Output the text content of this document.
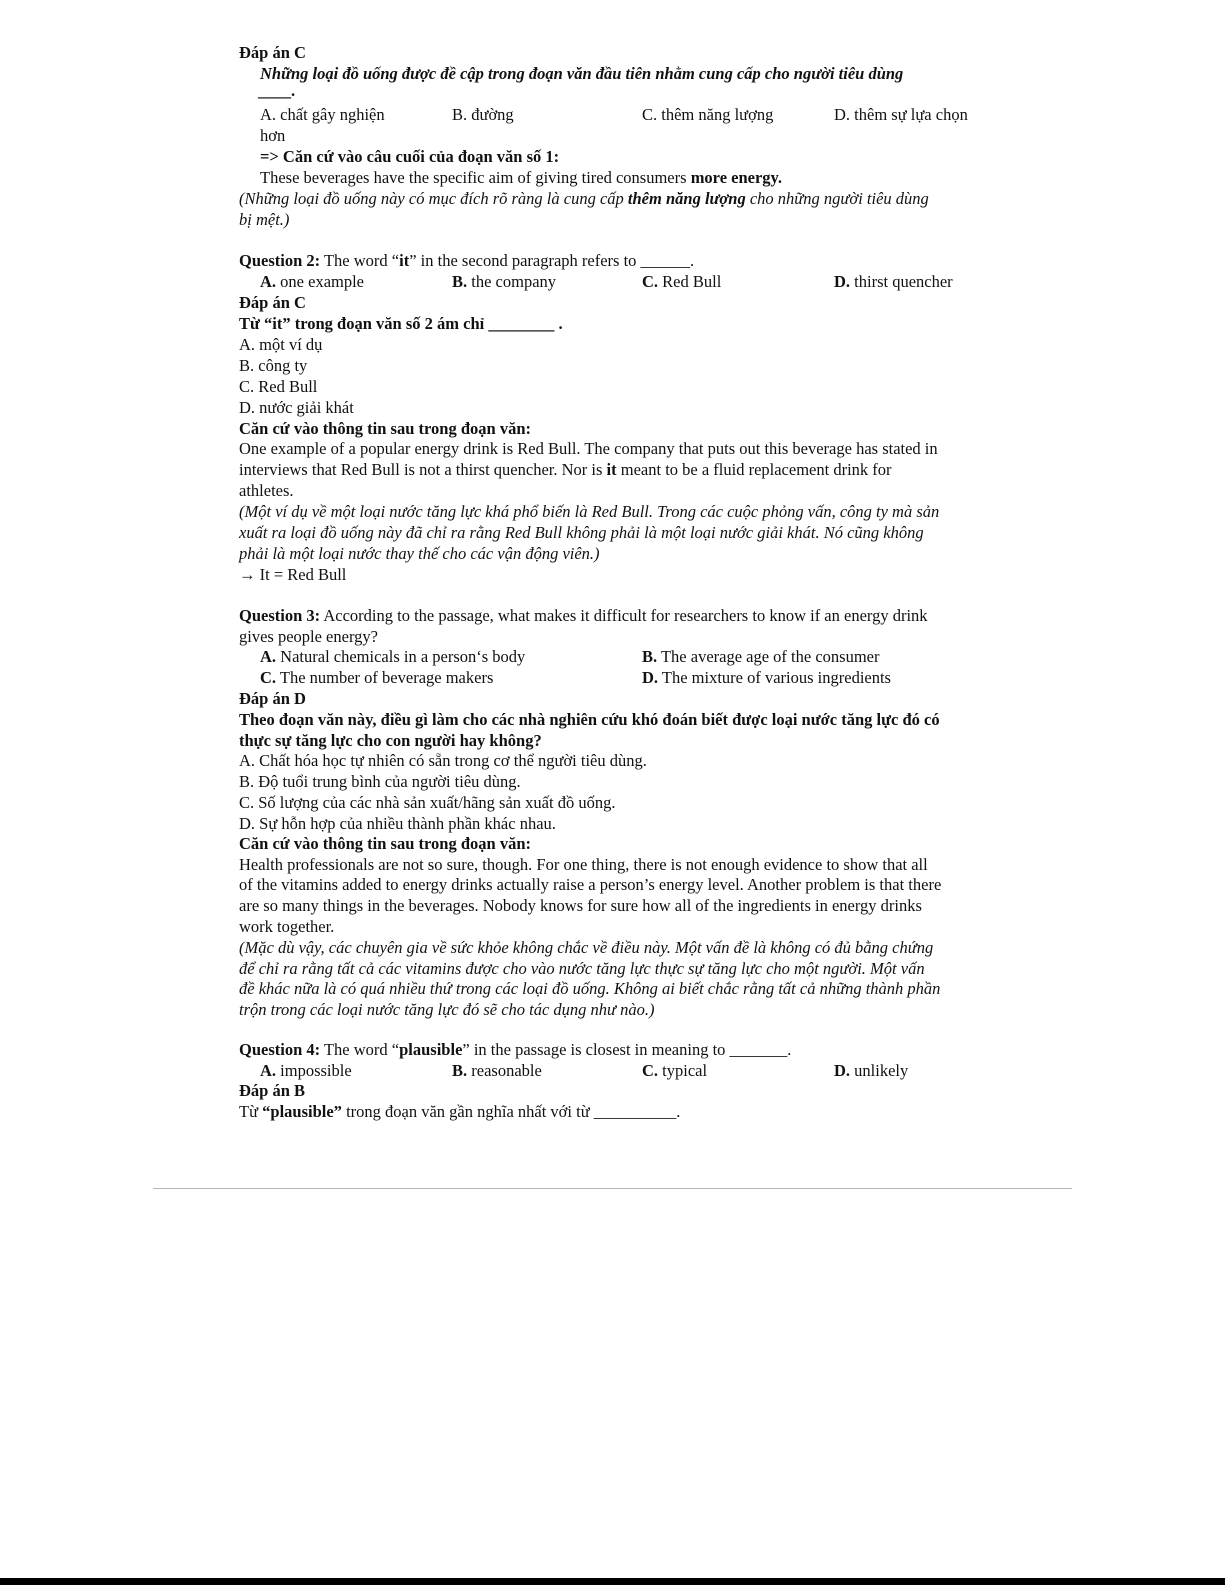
Đáp án C
Những loại đồ uống được đề cập trong đoạn văn đầu tiên nhằm cung cấp cho người tiêu dùng
____.
A. chất gây nghiện	B. đường	C. thêm năng lượng	D. thêm sự lựa chọn
hơn
=> Căn cứ vào câu cuối của đoạn văn số 1:
These beverages have the specific aim of giving tired consumers more energy.
(Những loại đồ uống này có mục đích rõ ràng là cung cấp thêm năng lượng cho những người tiêu dùng
bị mệt.)
Question 2: The word “it” in the second paragraph refers to ______.
A. one example	B. the company	C. Red Bull	D. thirst quencher
Đáp án C
Từ “it” trong đoạn văn số 2 ám chỉ ________ .
A. một ví dụ
B. công ty
C. Red Bull
D. nước giải khát
Căn cứ vào thông tin sau trong đoạn văn:
One example of a popular energy drink is Red Bull. The company that puts out this beverage has stated in
interviews that Red Bull is not a thirst quencher. Nor is it meant to be a fluid replacement drink for
athletes.
(Một ví dụ về một loại nước tăng lực khá phổ biến là Red Bull. Trong các cuộc phỏng vấn, công ty mà sản
xuất ra loại đồ uống này đã chỉ ra rằng Red Bull không phải là một loại nước giải khát. Nó cũng không
phải là một loại nước thay thế cho các vận động viên.)
→ It = Red Bull
Question 3: According to the passage, what makes it difficult for researchers to know if an energy drink
gives people energy?
A. Natural chemicals in a person‘s body	B. The average age of the consumer
C. The number of beverage makers	D. The mixture of various ingredients
Đáp án D
Theo đoạn văn này, điều gì làm cho các nhà nghiên cứu khó đoán biết được loại nước tăng lực đó có
thực sự tăng lực cho con người hay không?
A. Chất hóa học tự nhiên có sẵn trong cơ thể người tiêu dùng.
B. Độ tuổi trung bình của người tiêu dùng.
C. Số lượng của các nhà sản xuất/hãng sản xuất đồ uống.
D. Sự hỗn hợp của nhiều thành phần khác nhau.
Căn cứ vào thông tin sau trong đoạn văn:
Health professionals are not so sure, though. For one thing, there is not enough evidence to show that all
of the vitamins added to energy drinks actually raise a person’s energy level. Another problem is that there
are so many things in the beverages. Nobody knows for sure how all of the ingredients in energy drinks
work together.
(Mặc dù vậy, các chuyên gia về sức khỏe không chắc về điều này. Một vấn đề là không có đủ bằng chứng
để chỉ ra rằng tất cả các vitamins được cho vào nước tăng lực thực sự tăng lực cho một người. Một vấn
đề khác nữa là có quá nhiều thứ trong các loại đồ uống. Không ai biết chắc rằng tất cả những thành phần
trộn trong các loại nước tăng lực đó sẽ cho tác dụng như nào.)
Question 4: The word “plausible” in the passage is closest in meaning to _______.
A. impossible	B. reasonable	C. typical	D. unlikely
Đáp án B
Từ “plausible” trong đoạn văn gần nghĩa nhất với từ __________.
